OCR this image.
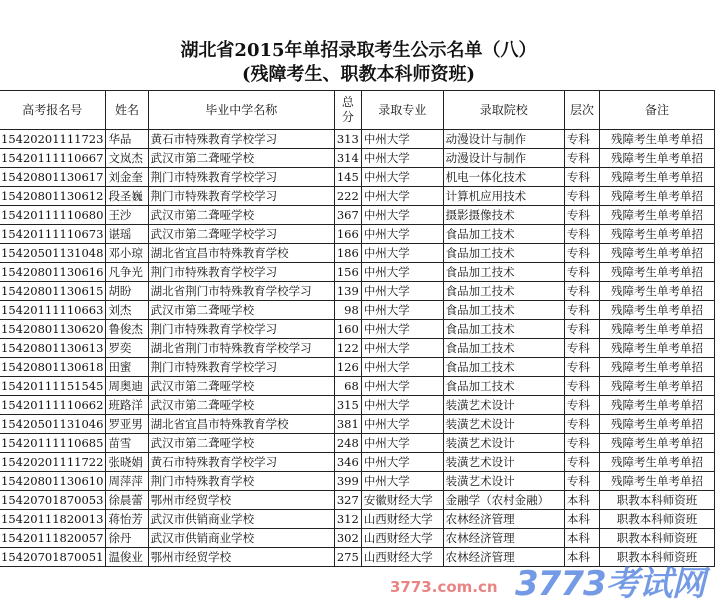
湖北省2015年单招录取考生公示名单（八）
(残障考生、职教本科师资班)
高考报名号	姓名	毕业中学名称	总分	录取专业	录取院校	层次	备注
15420201111723	华品	黄石市特殊教育学校学习	313	中州大学	动漫设计与制作	专科	残障考生单考单招
15420111110667	文岚杰	武汉市第二聋哑学校	314	中州大学	动漫设计与制作	专科	残障考生单考单招
15420801130617	刘金奎	荆门市特殊教育学校学习	145	中州大学	机电一体化技术	专科	残障考生单考单招
15420801130612	段圣巍	荆门市特殊教育学校学习	222	中州大学	计算机应用技术	专科	残障考生单考单招
15420111110680	王沙	武汉市第二聋哑学校	367	中州大学	摄影摄像技术	专科	残障考生单考单招
15420111110673	谌瑶	武汉市第二聋哑学校学习	166	中州大学	食品加工技术	专科	残障考生单考单招
15420501131048	邓小琼	湖北省宜昌市特殊教育学校	186	中州大学	食品加工技术	专科	残障考生单考单招
15420801130616	凡争光	荆门市特殊教育学校学习	156	中州大学	食品加工技术	专科	残障考生单考单招
15420801130615	胡盼	湖北省荆门市特殊教育学校学习	139	中州大学	食品加工技术	专科	残障考生单考单招
15420111110663	刘杰	武汉市第二聋哑学校	98	中州大学	食品加工技术	专科	残障考生单考单招
15420801130620	鲁俊杰	荆门市特殊教育学校学习	160	中州大学	食品加工技术	专科	残障考生单考单招
15420801130613	罗奕	湖北省荆门市特殊教育学校学习	122	中州大学	食品加工技术	专科	残障考生单考单招
15420801130618	田蜜	荆门市特殊教育学校学习	126	中州大学	食品加工技术	专科	残障考生单考单招
15420111151545	周奥迪	武汉市第二聋哑学校	68	中州大学	食品加工技术	专科	残障考生单考单招
15420111110662	班路洋	武汉市第二聋哑学校	315	中州大学	装潢艺术设计	专科	残障考生单考单招
15420501131046	罗亚男	湖北省宜昌市特殊教育学校	381	中州大学	装潢艺术设计	专科	残障考生单考单招
15420111110685	苗雪	武汉市第二聋哑学校	248	中州大学	装潢艺术设计	专科	残障考生单考单招
15420201111722	张晓娟	黄石市特殊教育学校学习	346	中州大学	装潢艺术设计	专科	残障考生单考单招
15420801130610	周萍萍	荆门市特殊教育学校	399	中州大学	装潢艺术设计	专科	残障考生单考单招
15420701870053	徐晨蕾	鄂州市经贸学校	327	安徽财经大学	金融学（农村金融）	本科	职教本科师资班
15420111820013	蒋怡芳	武汉市供销商业学校	312	山西财经大学	农林经济管理	本科	职教本科师资班
15420111820057	徐丹	武汉市供销商业学校	302	山西财经大学	农林经济管理	本科	职教本科师资班
15420701870051	温俊业	鄂州市经贸学校	275	山西财经大学	农林经济管理	本科	职教本科师资班
3773考试网
3773.com.cn
